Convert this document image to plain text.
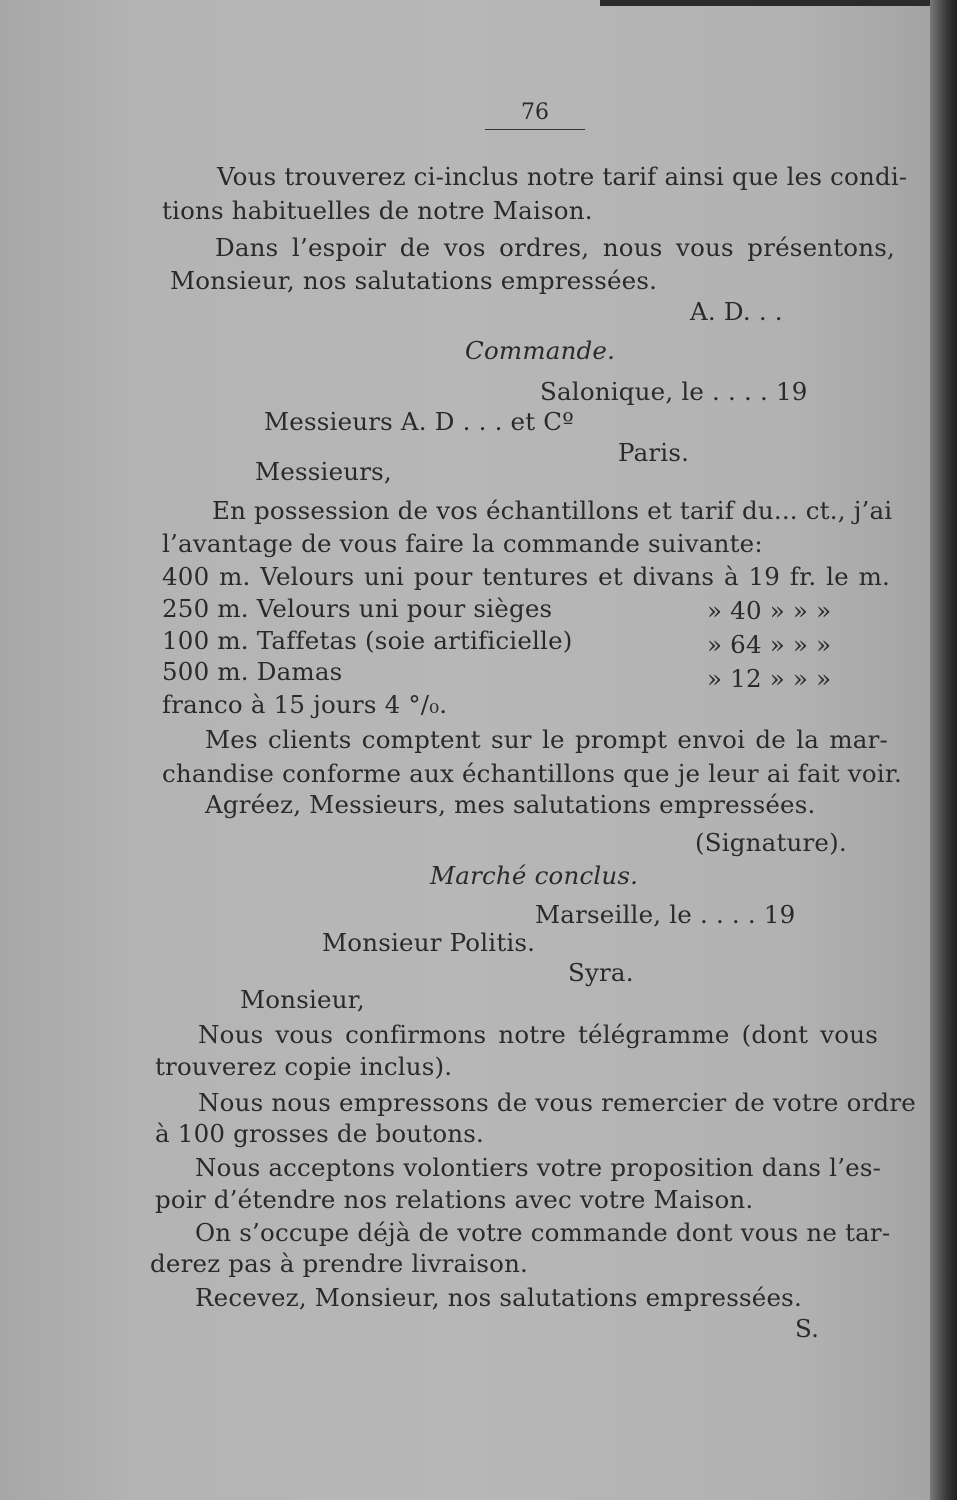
76
Vous trouverez ci-inclus notre tarif ainsi que les condi-
tions habituelles de notre Maison.
Dans l’espoir de vos ordres, nous vous présentons,
Monsieur, nos salutations empressées.
A. D. . .
Commande.
Salonique, le . . . . 19
Messieurs A. D . . . et Cº
Paris.
Messieurs,
En possession de vos échantillons et tarif du... ct., j’ai
l’avantage de vous faire la commande suivante:
400 m. Velours uni pour tentures et divans à 19 fr. le m.
250 m. Velours uni pour sièges	» 40 » » »
100 m. Taffetas (soie artificielle)	» 64 » » »
500 m. Damas	» 12 » » »
franco à 15 jours 4 °/₀.
Mes clients comptent sur le prompt envoi de la mar-
chandise conforme aux échantillons que je leur ai fait voir.
Agréez, Messieurs, mes salutations empressées.
(Signature).
Marché conclus.
Marseille, le . . . . 19
Monsieur Politis.
Syra.
Monsieur,
Nous vous confirmons notre télégramme (dont vous
trouverez copie inclus).
Nous nous empressons de vous remercier de votre ordre
à 100 grosses de boutons.
Nous acceptons volontiers votre proposition dans l’es-
poir d’étendre nos relations avec votre Maison.
On s’occupe déjà de votre commande dont vous ne tar-
derez pas à prendre livraison.
Recevez, Monsieur, nos salutations empressées.
S.
